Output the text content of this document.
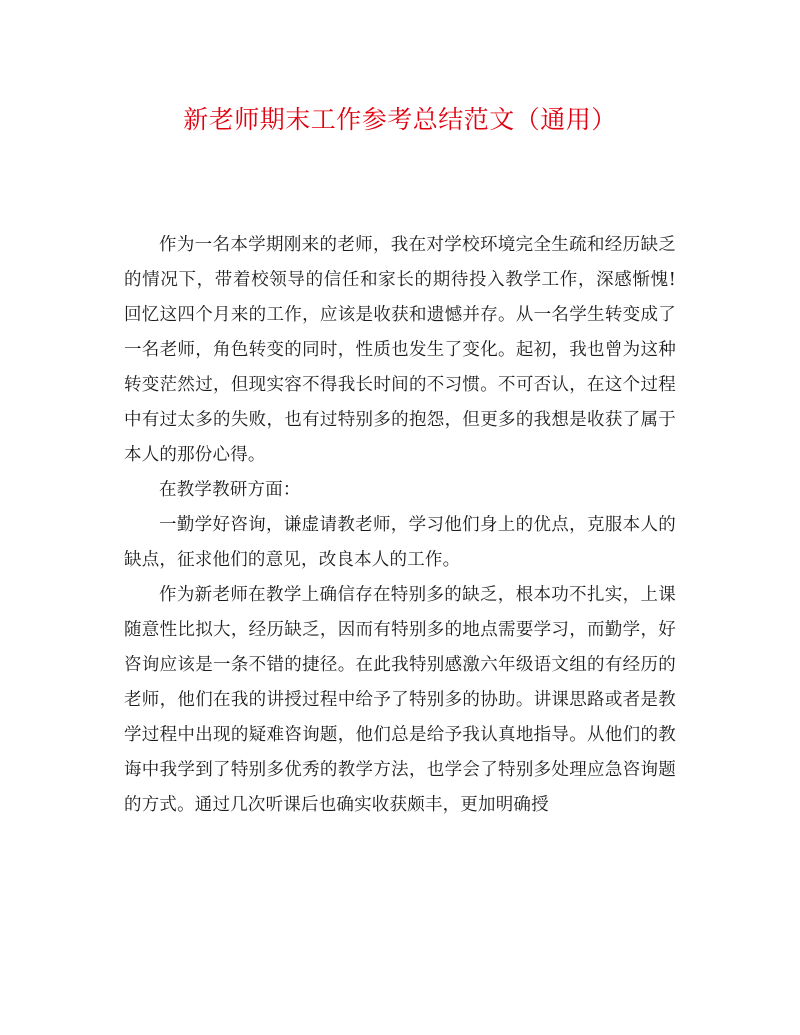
新老师期末工作参考总结范文（通用）

作为一名本学期刚来的老师，我在对学校环境完全生疏和经历缺乏的情况下，带着校领导的信任和家长的期待投入教学工作，深感惭愧!回忆这四个月来的工作，应该是收获和遗憾并存。从一名学生转变成了一名老师，角色转变的同时，性质也发生了变化。起初，我也曾为这种转变茫然过，但现实容不得我长时间的不习惯。不可否认，在这个过程中有过太多的失败，也有过特别多的抱怨，但更多的我想是收获了属于本人的那份心得。

在教学教研方面：

一勤学好咨询，谦虚请教老师，学习他们身上的优点，克服本人的缺点，征求他们的意见，改良本人的工作。

作为新老师在教学上确信存在特别多的缺乏，根本功不扎实，上课随意性比拟大，经历缺乏，因而有特别多的地点需要学习，而勤学，好咨询应该是一条不错的捷径。在此我特别感激六年级语文组的有经历的老师，他们在我的讲授过程中给予了特别多的协助。讲课思路或者是教学过程中出现的疑难咨询题，他们总是给予我认真地指导。从他们的教诲中我学到了特别多优秀的教学方法，也学会了特别多处理应急咨询题的方式。通过几次听课后也确实收获颇丰，更加明确授
